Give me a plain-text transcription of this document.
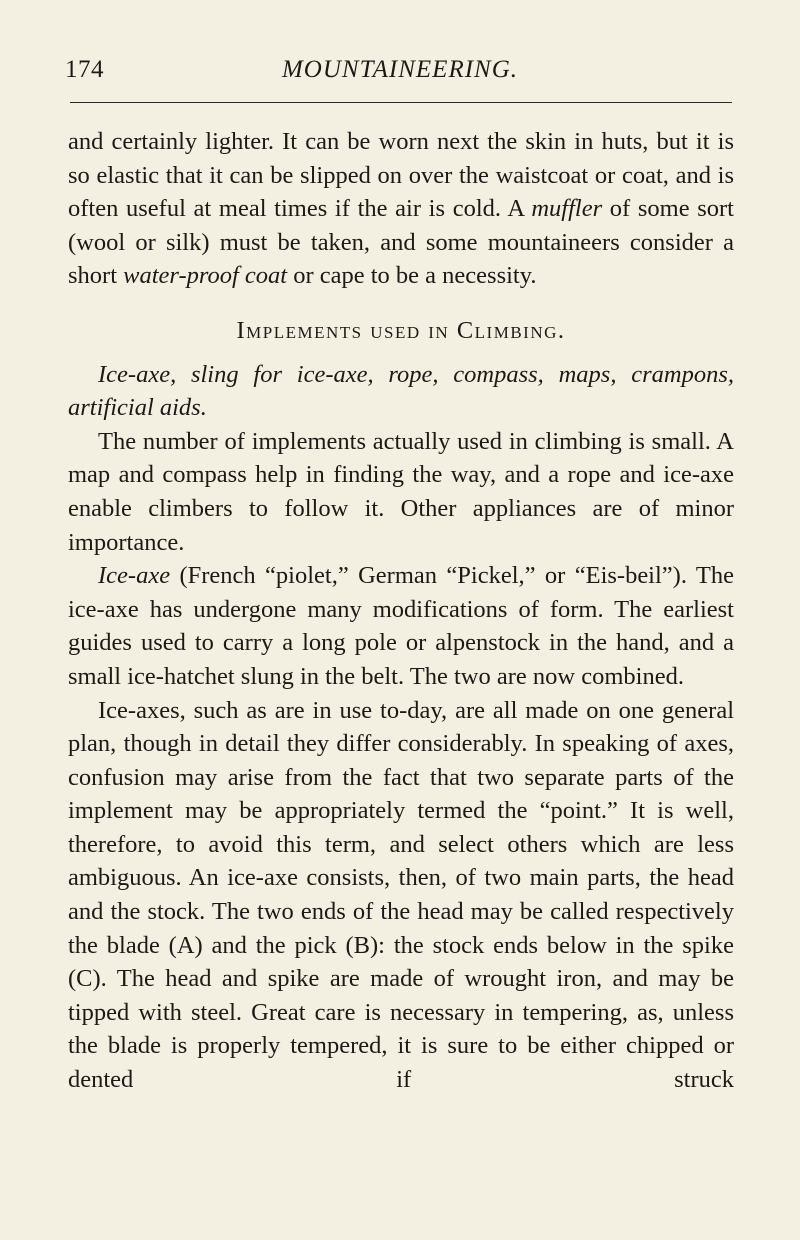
174	MOUNTAINEERING.

and certainly lighter. It can be worn next the skin in huts, but it is so elastic that it can be slipped on over the waistcoat or coat, and is often useful at meal times if the air is cold. A muffler of some sort (wool or silk) must be taken, and some mountaineers consider a short water-proof coat or cape to be a necessity.

Implements used in Climbing.

Ice-axe, sling for ice-axe, rope, compass, maps, crampons, artificial aids.

The number of implements actually used in climbing is small. A map and compass help in finding the way, and a rope and ice-axe enable climbers to follow it. Other appliances are of minor importance.

Ice-axe (French “piolet,” German “Pickel,” or “Eis-beil”). The ice-axe has undergone many modifications of form. The earliest guides used to carry a long pole or alpenstock in the hand, and a small ice-hatchet slung in the belt. The two are now combined.

Ice-axes, such as are in use to-day, are all made on one general plan, though in detail they differ considerably. In speaking of axes, confusion may arise from the fact that two separate parts of the implement may be appropriately termed the “point.” It is well, therefore, to avoid this term, and select others which are less ambiguous. An ice-axe consists, then, of two main parts, the head and the stock. The two ends of the head may be called respectively the blade (A) and the pick (B): the stock ends below in the spike (C). The head and spike are made of wrought iron, and may be tipped with steel. Great care is necessary in tempering, as, unless the blade is properly tempered, it is sure to be either chipped or dented if struck
